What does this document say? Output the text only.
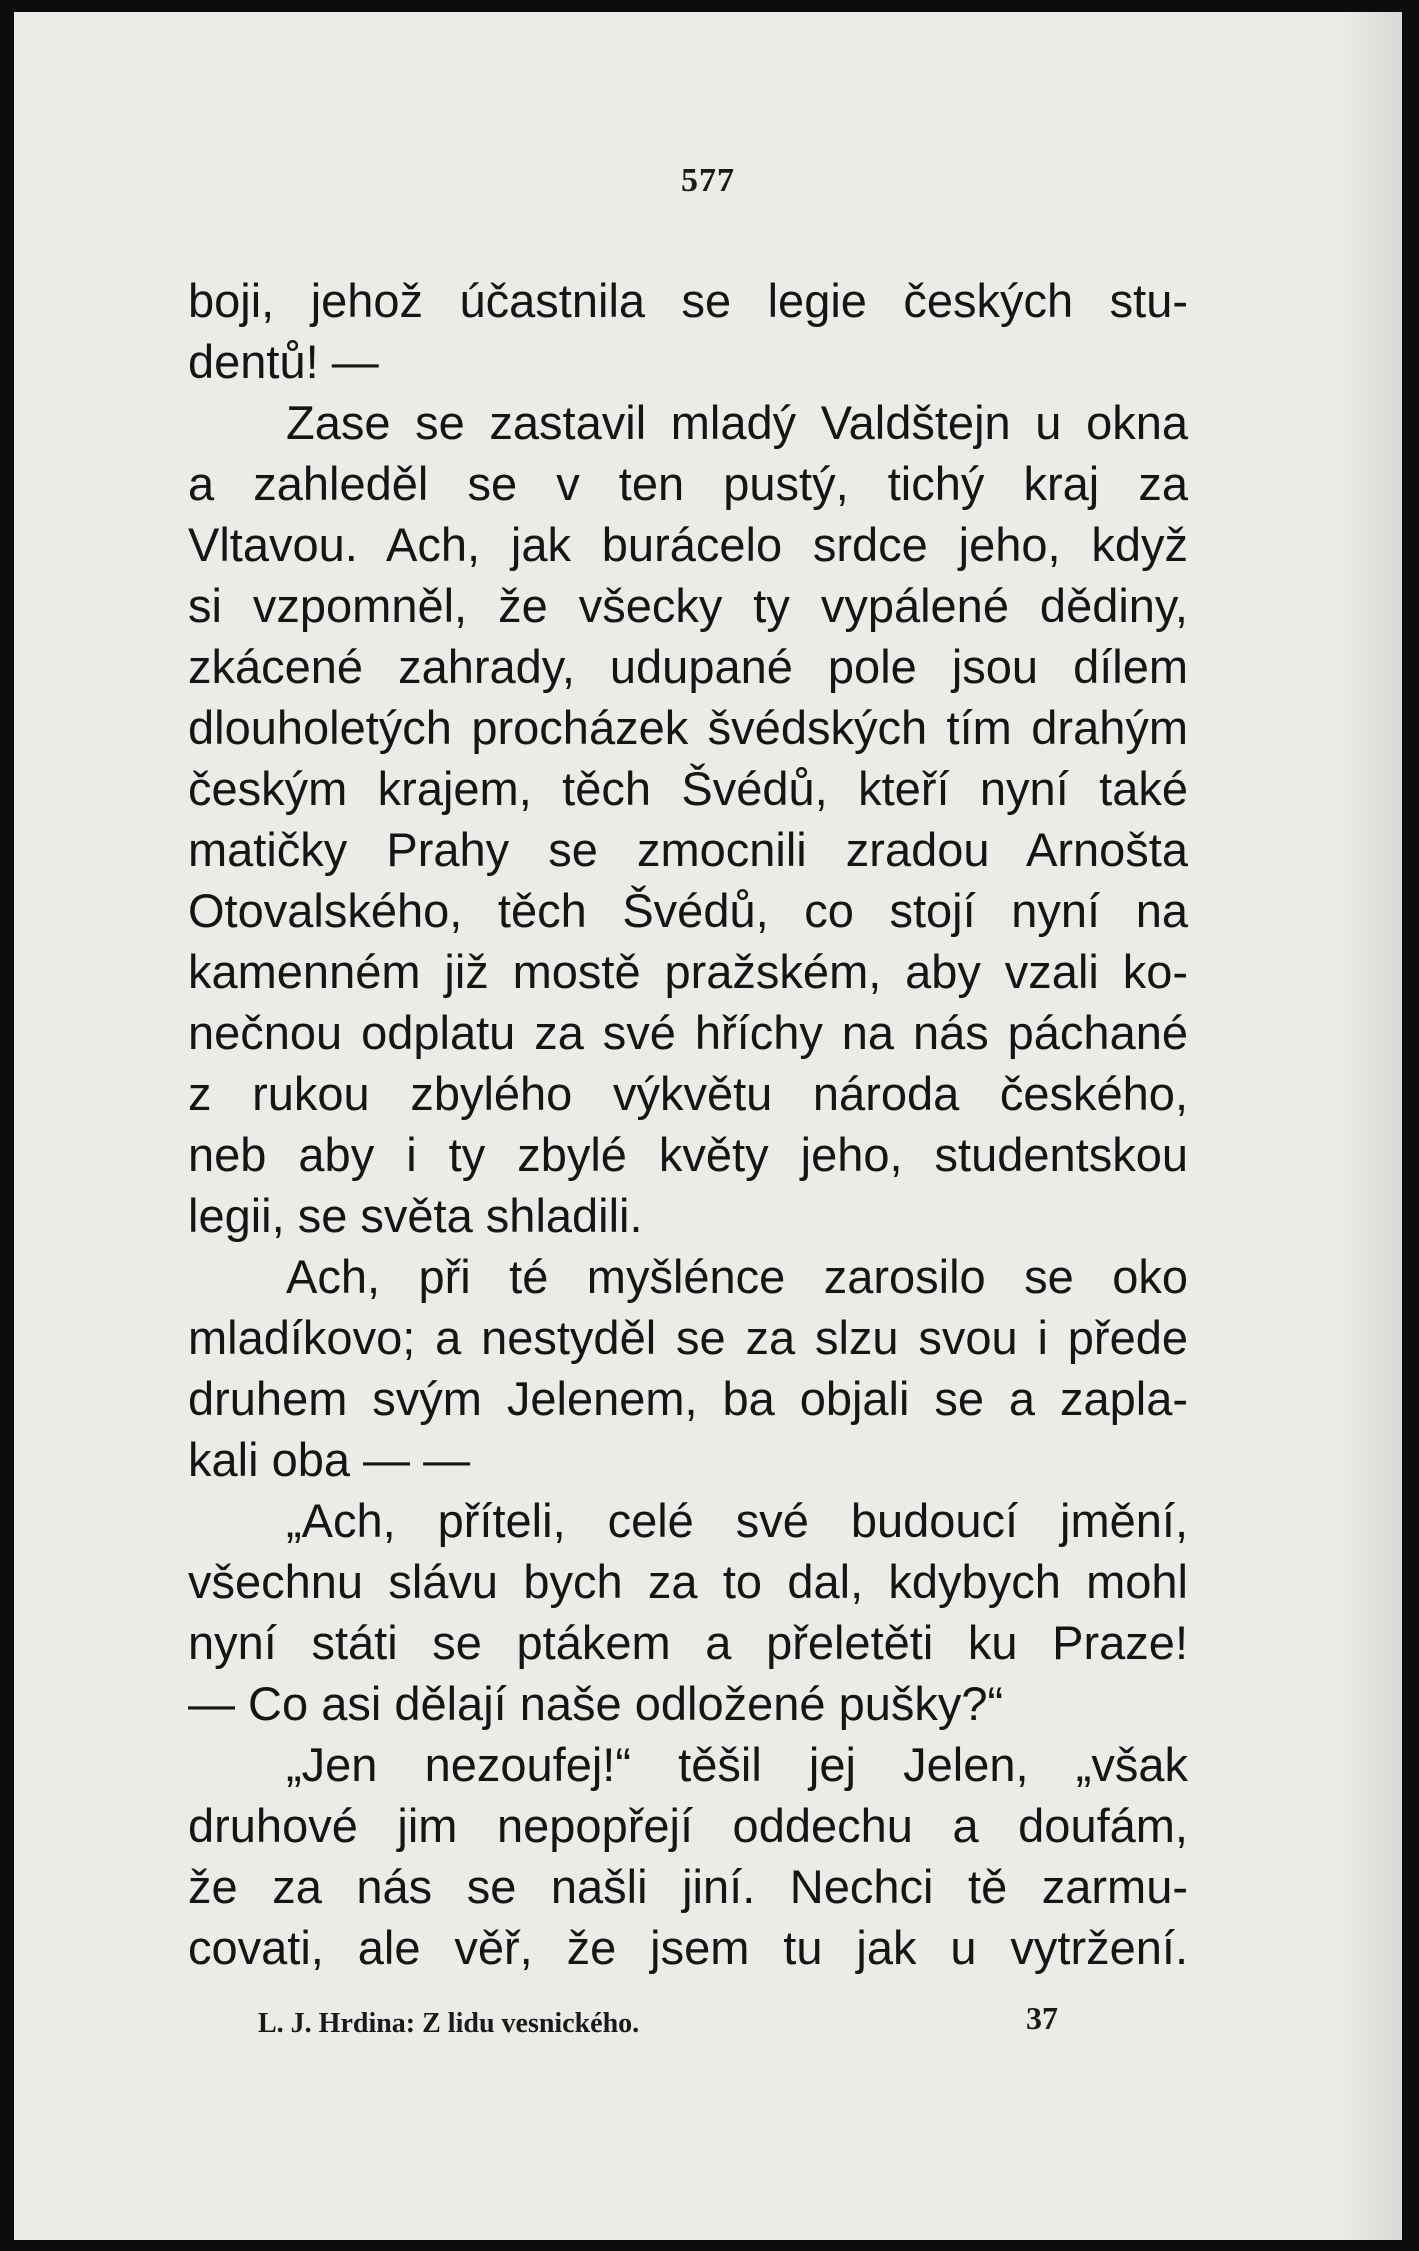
577
boji, jehož účastnila se legie českých stu-
dentů! —
Zase se zastavil mladý Valdštejn u okna
a zahleděl se v ten pustý, tichý kraj za
Vltavou. Ach, jak burácelo srdce jeho, když
si vzpomněl, že všecky ty vypálené dědiny,
zkácené zahrady, udupané pole jsou dílem
dlouholetých procházek švédských tím drahým
českým krajem, těch Švédů, kteří nyní také
matičky Prahy se zmocnili zradou Arnošta
Otovalského, těch Švédů, co stojí nyní na
kamenném již mostě pražském, aby vzali ko-
nečnou odplatu za své hříchy na nás páchané
z rukou zbylého výkvětu národa českého,
neb aby i ty zbylé květy jeho, studentskou
legii, se světa shladili.
Ach, při té myšlénce zarosilo se oko
mladíkovo; a nestyděl se za slzu svou i přede
druhem svým Jelenem, ba objali se a zapla-
kali oba — —
„Ach, příteli, celé své budoucí jmění,
všechnu slávu bych za to dal, kdybych mohl
nyní státi se ptákem a přeletěti ku Praze!
— Co asi dělají naše odložené pušky?“
„Jen nezoufej!“ těšil jej Jelen, „však
druhové jim nepopřejí oddechu a doufám,
že za nás se našli jiní. Nechci tě zarmu-
covati, ale věř, že jsem tu jak u vytržení.
L. J. Hrdina: Z lidu vesnického.	37
